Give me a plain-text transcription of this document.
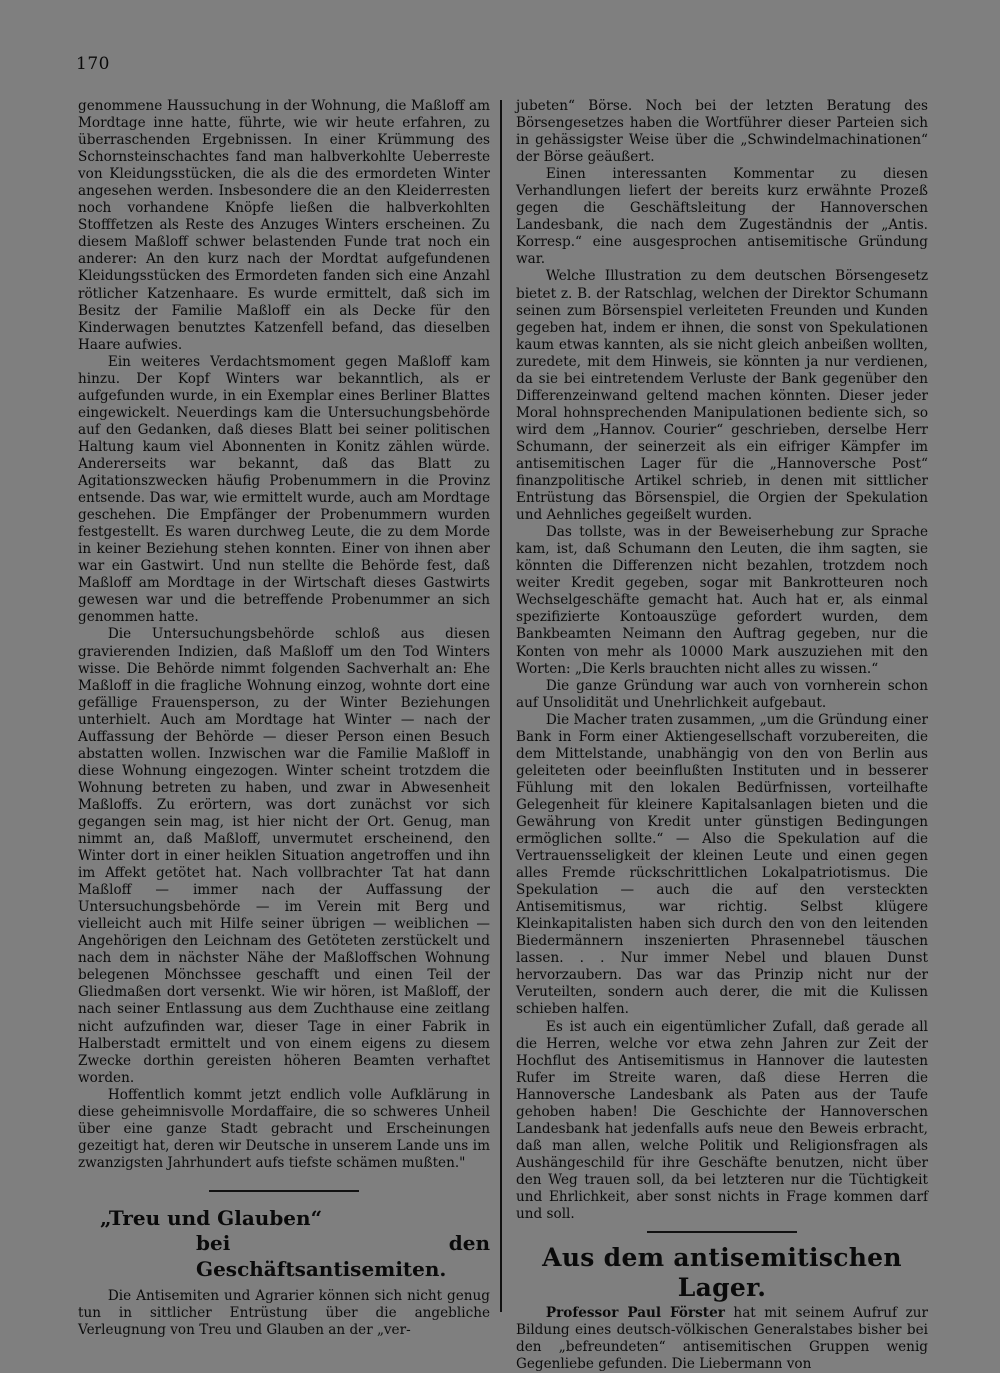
170

genommene Haussuchung in der Wohnung, die Maßloff am Mordtage inne hatte, führte, wie wir heute erfahren, zu überraschenden Ergebnissen. In einer Krümmung des Schornsteinschachtes fand man halbverkohlte Ueberreste von Kleidungsstücken, die als die des ermordeten Winter angesehen werden. Insbesondere die an den Kleiderresten noch vorhandene Knöpfe ließen die halbverkohlten Stofffetzen als Reste des Anzuges Winters erscheinen. Zu diesem Maßloff schwer belastenden Funde trat noch ein anderer: An den kurz nach der Mordtat aufgefundenen Kleidungsstücken des Ermordeten fanden sich eine Anzahl rötlicher Katzenhaare. Es wurde ermittelt, daß sich im Besitz der Familie Maßloff ein als Decke für den Kinderwagen benutztes Katzenfell befand, das dieselben Haare aufwies.

Ein weiteres Verdachtsmoment gegen Maßloff kam hinzu. Der Kopf Winters war bekanntlich, als er aufgefunden wurde, in ein Exemplar eines Berliner Blattes eingewickelt. Neuerdings kam die Untersuchungsbehörde auf den Gedanken, daß dieses Blatt bei seiner politischen Haltung kaum viel Abonnenten in Konitz zählen würde. Andererseits war bekannt, daß das Blatt zu Agitationszwecken häufig Probenummern in die Provinz entsende. Das war, wie ermittelt wurde, auch am Mordtage geschehen. Die Empfänger der Probenummern wurden festgestellt. Es waren durchweg Leute, die zu dem Morde in keiner Beziehung stehen konnten. Einer von ihnen aber war ein Gastwirt. Und nun stellte die Behörde fest, daß Maßloff am Mordtage in der Wirtschaft dieses Gastwirts gewesen war und die betreffende Probenummer an sich genommen hatte.

Die Untersuchungsbehörde schloß aus diesen gravierenden Indizien, daß Maßloff um den Tod Winters wisse. Die Behörde nimmt folgenden Sachverhalt an: Ehe Maßloff in die fragliche Wohnung einzog, wohnte dort eine gefällige Frauensperson, zu der Winter Beziehungen unterhielt. Auch am Mordtage hat Winter — nach der Auffassung der Behörde — dieser Person einen Besuch abstatten wollen. Inzwischen war die Familie Maßloff in diese Wohnung eingezogen. Winter scheint trotzdem die Wohnung betreten zu haben, und zwar in Abwesenheit Maßloffs. Zu erörtern, was dort zunächst vor sich gegangen sein mag, ist hier nicht der Ort. Genug, man nimmt an, daß Maßloff, unvermutet erscheinend, den Winter dort in einer heiklen Situation angetroffen und ihn im Affekt getötet hat. Nach vollbrachter Tat hat dann Maßloff — immer nach der Auffassung der Untersuchungsbehörde — im Verein mit Berg und vielleicht auch mit Hilfe seiner übrigen — weiblichen — Angehörigen den Leichnam des Getöteten zerstückelt und nach dem in nächster Nähe der Maßloffschen Wohnung belegenen Mönchssee geschafft und einen Teil der Gliedmaßen dort versenkt. Wie wir hören, ist Maßloff, der nach seiner Entlassung aus dem Zuchthause eine zeitlang nicht aufzufinden war, dieser Tage in einer Fabrik in Halberstadt ermittelt und von einem eigens zu diesem Zwecke dorthin gereisten höheren Beamten verhaftet worden.

Hoffentlich kommt jetzt endlich volle Aufklärung in diese geheimnisvolle Mordaffaire, die so schweres Unheil über eine ganze Stadt gebracht und Erscheinungen gezeitigt hat, deren wir Deutsche in unserem Lande uns im zwanzigsten Jahrhundert aufs tiefste schämen mußten."

„Treu und Glauben“
bei den Geschäftsantisemiten.

Die Antisemiten und Agrarier können sich nicht genug tun in sittlicher Entrüstung über die angebliche Verleugnung von Treu und Glauben an der „ver-

jubeten“ Börse. Noch bei der letzten Beratung des Börsengesetzes haben die Wortführer dieser Parteien sich in gehässigster Weise über die „Schwindelmachinationen“ der Börse geäußert.

Einen interessanten Kommentar zu diesen Verhandlungen liefert der bereits kurz erwähnte Prozeß gegen die Geschäftsleitung der Hannoverschen Landesbank, die nach dem Zugeständnis der „Antis. Korresp.“ eine ausgesprochen antisemitische Gründung war.

Welche Illustration zu dem deutschen Börsengesetz bietet z. B. der Ratschlag, welchen der Direktor Schumann seinen zum Börsenspiel verleiteten Freunden und Kunden gegeben hat, indem er ihnen, die sonst von Spekulationen kaum etwas kannten, als sie nicht gleich anbeißen wollten, zuredete, mit dem Hinweis, sie könnten ja nur verdienen, da sie bei eintretendem Verluste der Bank gegenüber den Differenzeinwand geltend machen könnten. Dieser jeder Moral hohnsprechenden Manipulationen bediente sich, so wird dem „Hannov. Courier“ geschrieben, derselbe Herr Schumann, der seinerzeit als ein eifriger Kämpfer im antisemitischen Lager für die „Hannoversche Post“ finanzpolitische Artikel schrieb, in denen mit sittlicher Entrüstung das Börsenspiel, die Orgien der Spekulation und Aehnliches gegeißelt wurden.

Das tollste, was in der Beweiserhebung zur Sprache kam, ist, daß Schumann den Leuten, die ihm sagten, sie könnten die Differenzen nicht bezahlen, trotzdem noch weiter Kredit gegeben, sogar mit Bankrotteuren noch Wechselgeschäfte gemacht hat. Auch hat er, als einmal spezifizierte Kontoauszüge gefordert wurden, dem Bankbeamten Neimann den Auftrag gegeben, nur die Konten von mehr als 10000 Mark auszuziehen mit den Worten: „Die Kerls brauchten nicht alles zu wissen.“

Die ganze Gründung war auch von vornherein schon auf Unsolidität und Unehrlichkeit aufgebaut.

Die Macher traten zusammen, „um die Gründung einer Bank in Form einer Aktiengesellschaft vorzubereiten, die dem Mittelstande, unabhängig von den von Berlin aus geleiteten oder beeinflußten Instituten und in besserer Fühlung mit den lokalen Bedürfnissen, vorteilhafte Gelegenheit für kleinere Kapitalsanlagen bieten und die Gewährung von Kredit unter günstigen Bedingungen ermöglichen sollte.“ — Also die Spekulation auf die Vertrauensseligkeit der kleinen Leute und einen gegen alles Fremde rückschrittlichen Lokalpatriotismus. Die Spekulation — auch die auf den versteckten Antisemitismus, war richtig. Selbst klügere Kleinkapitalisten haben sich durch den von den leitenden Biedermännern inszenierten Phrasennebel täuschen lassen. . . Nur immer Nebel und blauen Dunst hervorzaubern. Das war das Prinzip nicht nur der Veruteilten, sondern auch derer, die mit die Kulissen schieben halfen.

Es ist auch ein eigentümlicher Zufall, daß gerade all die Herren, welche vor etwa zehn Jahren zur Zeit der Hochflut des Antisemitismus in Hannover die lautesten Rufer im Streite waren, daß diese Herren die Hannoversche Landesbank als Paten aus der Taufe gehoben haben! Die Geschichte der Hannoverschen Landesbank hat jedenfalls aufs neue den Beweis erbracht, daß man allen, welche Politik und Religionsfragen als Aushängeschild für ihre Geschäfte benutzen, nicht über den Weg trauen soll, da bei letzteren nur die Tüchtigkeit und Ehrlichkeit, aber sonst nichts in Frage kommen darf und soll.

Aus dem antisemitischen Lager.

Professor Paul Förster hat mit seinem Aufruf zur Bildung eines deutsch-völkischen Generalstabes bisher bei den „befreundeten“ antisemitischen Gruppen wenig Gegenliebe gefunden. Die Liebermann von
